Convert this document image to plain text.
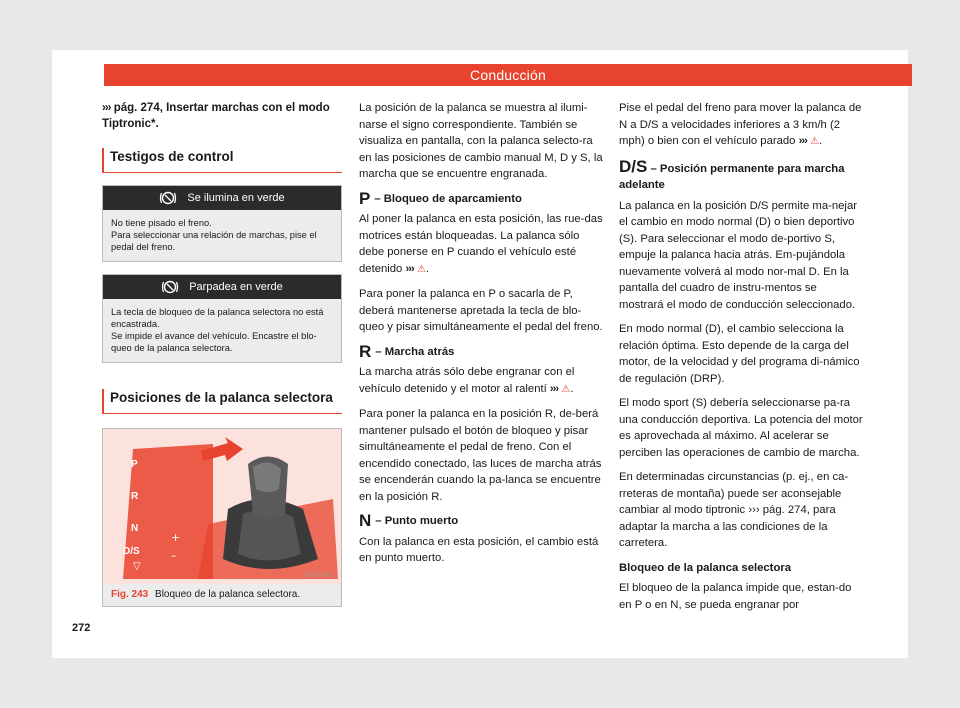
Conducción

››› pág. 274, Insertar marchas con el modo Tiptronic*.

Testigos de control
Se ilumina en verde
No tiene pisado el freno.
Para seleccionar una relación de marchas, pise el pedal del freno.
Parpadea en verde
La tecla de bloqueo de la palanca selectora no está encastrada.
Se impide el avance del vehículo. Encastre el blo-queo de la palanca selectora.
Posiciones de la palanca selectora
+
–
▽
B57-0206
P
R
N
D/S
Fig. 243 Bloqueo de la palanca selectora.

La posición de la palanca se muestra al ilumi-narse el signo correspondiente. También se visualiza en pantalla, con la palanca selecto-ra en las posiciones de cambio manual M, D y S, la marcha que se encuentre engranada.

P – Bloqueo de aparcamiento

Al poner la palanca en esta posición, las rue-das motrices están bloqueadas. La palanca sólo debe ponerse en P cuando el vehículo esté detenido ››› ⚠.

Para poner la palanca en P o sacarla de P, deberá mantenerse apretada la tecla de blo-queo y pisar simultáneamente el pedal del freno.

R – Marcha atrás

La marcha atrás sólo debe engranar con el vehículo detenido y el motor al ralentí ››› ⚠.

Para poner la palanca en la posición R, de-berá mantener pulsado el botón de bloqueo y pisar simultáneamente el pedal de freno. Con el encendido conectado, las luces de marcha atrás se encenderán cuando la pa-lanca se encuentre en la posición R.

N – Punto muerto

Con la palanca en esta posición, el cambio está en punto muerto.

Pise el pedal del freno para mover la palanca de N a D/S a velocidades inferiores a 3 km/h (2 mph) o bien con el vehículo parado ››› ⚠.

D/S – Posición permanente para marcha adelante

La palanca en la posición D/S permite ma-nejar el cambio en modo normal (D) o bien deportivo (S). Para seleccionar el modo de-portivo S, empuje la palanca hacia atrás. Em-pujándola nuevamente volverá al modo nor-mal D. En la pantalla del cuadro de instru-mentos se mostrará el modo de conducción seleccionado.

En modo normal (D), el cambio selecciona la relación óptima. Esto depende de la carga del motor, de la velocidad y del programa di-námico de regulación (DRP).

El modo sport (S) debería seleccionarse pa-ra una conducción deportiva. La potencia del motor es aprovechada al máximo. Al acelerar se perciben las operaciones de cambio de marcha.

En determinadas circunstancias (p. ej., en ca-rreteras de montaña) puede ser aconsejable cambiar al modo tiptronic ››› pág. 274, para adaptar la marcha a las condiciones de la carretera.

Bloqueo de la palanca selectora

El bloqueo de la palanca impide que, estan-do en P o en N, se pueda engranar por

272
